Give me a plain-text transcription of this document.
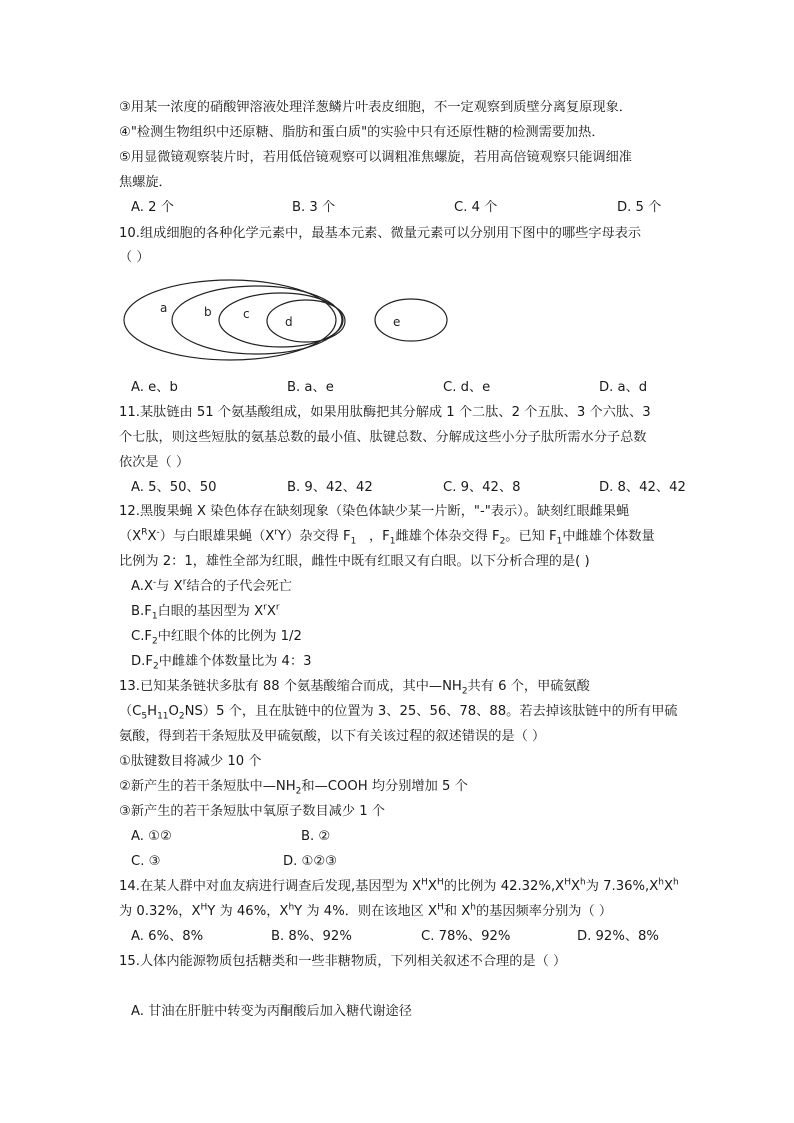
③用某一浓度的硝酸钾溶液处理洋葱鳞片叶表皮细胞，不一定观察到质壁分离复原现象．
④"检测生物组织中还原糖、脂肪和蛋白质"的实验中只有还原性糖的检测需要加热．
⑤用显微镜观察装片时，若用低倍镜观察可以调粗准焦螺旋，若用高倍镜观察只能调细准
焦螺旋．
A. 2 个	B. 3 个	C. 4 个	D. 5 个
10.组成细胞的各种化学元素中，最基本元素、微量元素可以分别用下图中的哪些字母表示
（ ）
a	b	c
d	e
A. e、b	B. a、e	C. d、e	D. a、d
11.某肽链由 51 个氨基酸组成，如果用肽酶把其分解成 1 个二肽、2 个五肽、3 个六肽、3
个七肽，则这些短肽的氨基总数的最小值、肽键总数、分解成这些小分子肽所需水分子总数
依次是（ ）
A. 5、50、50	B. 9、42、42	C. 9、42、8	D. 8、42、42
12.黑腹果蝇 X 染色体存在缺刻现象（染色体缺少某一片断，"-"表示）。缺刻红眼雌果蝇
$(X^RX^-)$与白眼雄果蝇$(X^rY)$杂交得 $F_1$   ，$F_1$雌雄个体杂交得 $F_2$。已知 $F_1$中雌雄个体数量
比例为 2：1，雄性全部为红眼，雌性中既有红眼又有白眼。以下分析合理的是( )
A.X-与 $X^r$结合的子代会死亡
$B.F_1$白眼的基因型为 $X^rX^r$
$C.F_2$中红眼个体的比例为 1/2
$D.F_2$中雌雄个体数量比为 4：3
13.已知某条链状多肽有 88 个氨基酸缩合而成，其中$—NH_2$共有 6 个，甲硫氨酸
$(C_5H_{11}O_2NS)5$ 个，且在肽链中的位置为 3、25、56、78、88。若去掉该肽链中的所有甲硫
氨酸，得到若干条短肽及甲硫氨酸，以下有关该过程的叙述错误的是（ ）
①肽键数目将减少 10 个
②新产生的若干条短肽中$—NH_2$和—COOH 均分别增加 5 个
③新产生的若干条短肽中氧原子数目减少 1 个
A. ①②	B. ②
C. ③	D. ①②③
14.在某人群中对血友病进行调查后发现,基因型为 $X^HX^H$的比例为 $42.32\%,X^HX^h$为 $7.36\%,X^hX^h$
为 0.32%，$X^HY$ 为 46%，$X^hY$ 为 4%．则在该地区 $X^H$和 $X^h$的基因频率分别为（ ）
A. 6%、8%	B. 8%、92%	C. 78%、92%	D. 92%、8%
15.人体内能源物质包括糖类和一些非糖物质，下列相关叙述不合理的是（ ）
A. 甘油在肝脏中转变为丙酮酸后加入糖代谢途径
